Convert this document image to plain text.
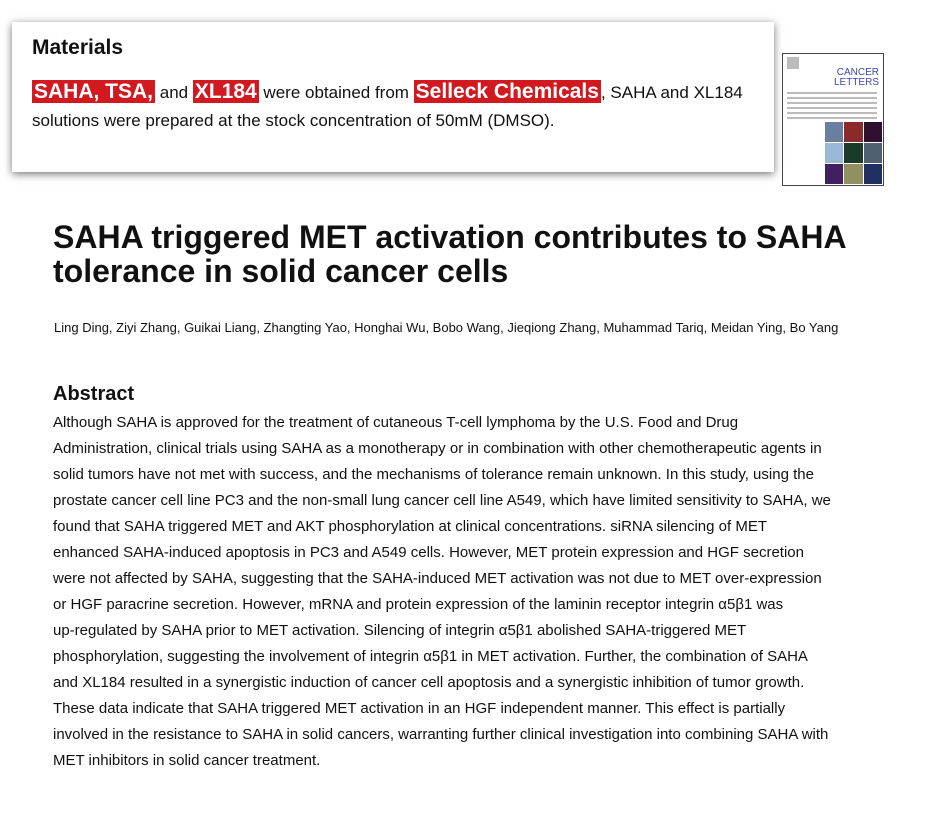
CANCER
LETTERS
SAHA triggered MET activation contributes to SAHA tolerance in solid cancer cells
Ling Ding, Ziyi Zhang, Guikai Liang, Zhangting Yao, Honghai Wu, Bobo Wang, Jieqiong Zhang, Muhammad Tariq, Meidan Ying, Bo Yang
Abstract
Although SAHA is approved for the treatment of cutaneous T-cell lymphoma by the U.S. Food and Drug
Administration, clinical trials using SAHA as a monotherapy or in combination with other chemotherapeutic agents in
solid tumors have not met with success, and the mechanisms of tolerance remain unknown. In this study, using the
prostate cancer cell line PC3 and the non-small lung cancer cell line A549, which have limited sensitivity to SAHA, we
found that SAHA triggered MET and AKT phosphorylation at clinical concentrations. siRNA silencing of MET
enhanced SAHA-induced apoptosis in PC3 and A549 cells. However, MET protein expression and HGF secretion
were not affected by SAHA, suggesting that the SAHA-induced MET activation was not due to MET over-expression
or HGF paracrine secretion. However, mRNA and protein expression of the laminin receptor integrin α5β1 was
up-regulated by SAHA prior to MET activation. Silencing of integrin α5β1 abolished SAHA-triggered MET
phosphorylation, suggesting the involvement of integrin α5β1 in MET activation. Further, the combination of SAHA
and XL184 resulted in a synergistic induction of cancer cell apoptosis and a synergistic inhibition of tumor growth.
These data indicate that SAHA triggered MET activation in an HGF independent manner. This effect is partially
involved in the resistance to SAHA in solid cancers, warranting further clinical investigation into combining SAHA with
MET inhibitors in solid cancer treatment.
Materials
SAHA, TSA, and XL184 were obtained from Selleck Chemicals , SAHA and XL184 solutions were prepared at the stock concentration of 50mM (DMSO).
